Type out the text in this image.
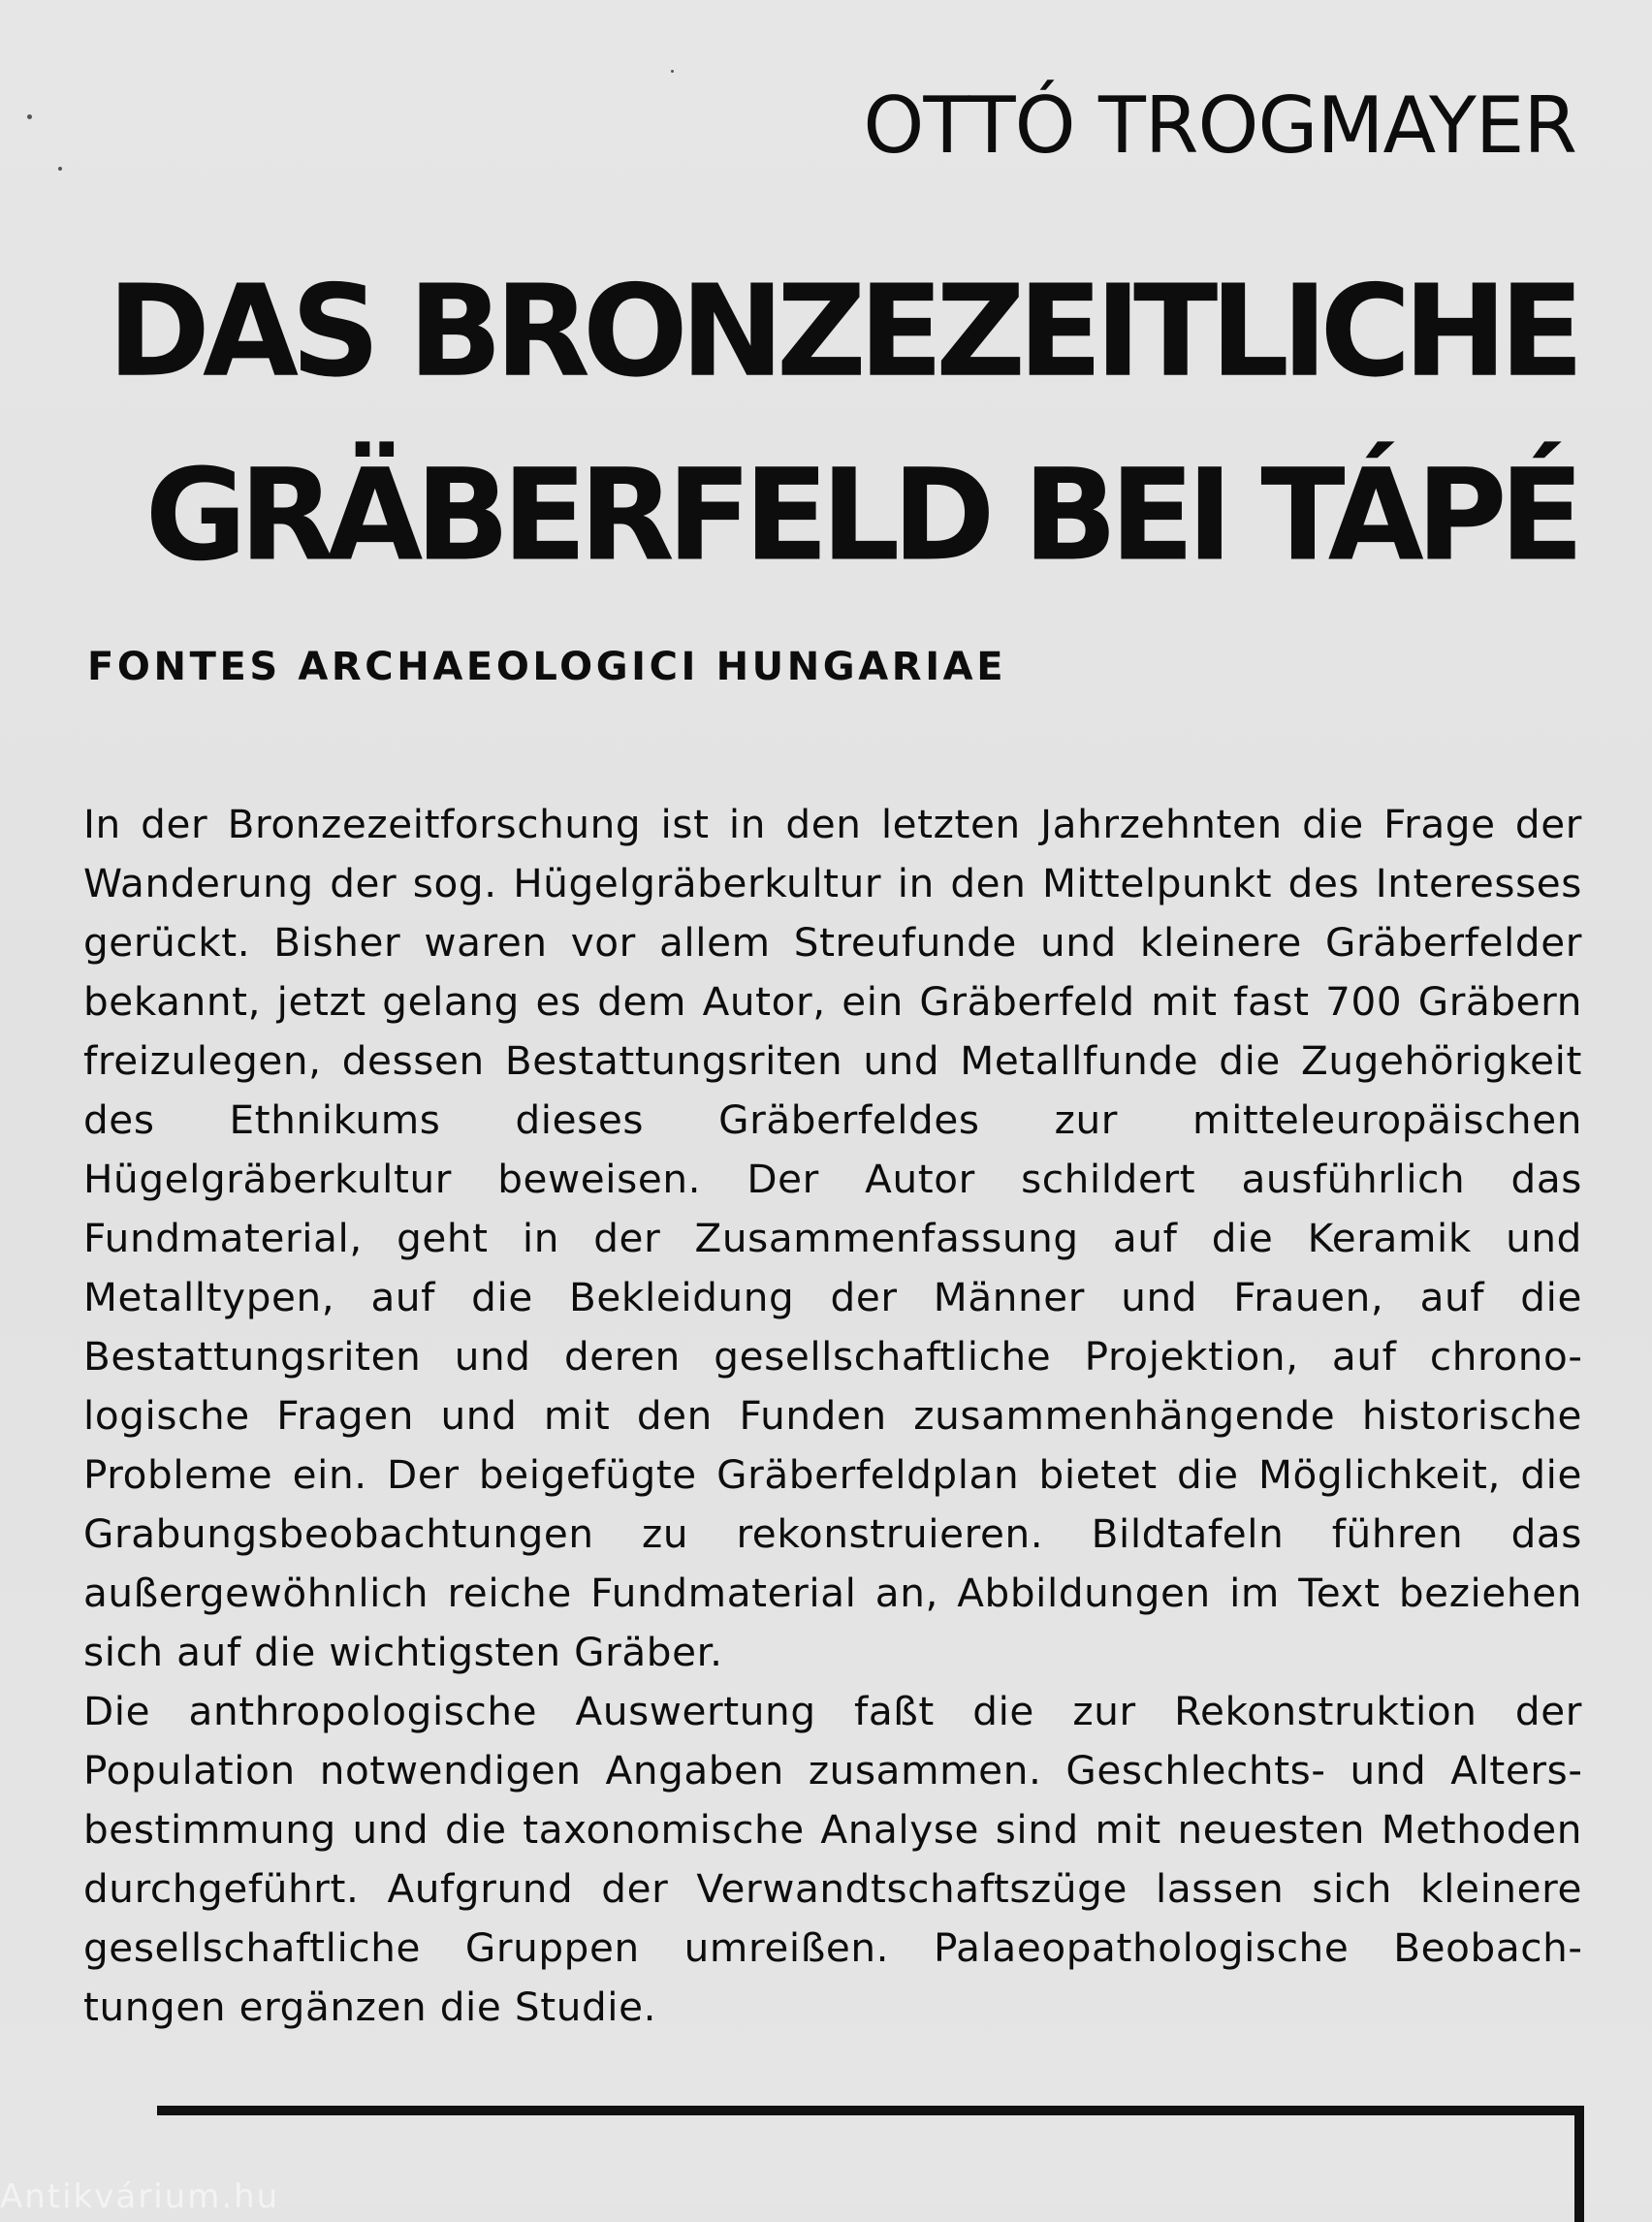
OTTÓ TROGMAYER
DAS BRONZEZEITLICHE
GRÄBERFELD BEI TÁPÉ
FONTES ARCHAEOLOGICI HUNGARIAE

In der Bronzezeitforschung ist in den letzten Jahrzehnten die Frage der Wanderung der sog. Hügelgräberkultur in den Mittelpunkt des Interesses gerückt. Bisher waren vor allem Streufunde und kleinere Gräberfelder bekannt, jetzt gelang es dem Autor, ein Gräberfeld mit fast 700 Gräbern freizulegen, dessen Bestattungsriten und Metallfunde die Zugehörigkeit des Ethnikums dieses Gräberfeldes zur mitteleuropäischen Hügelgräberkultur beweisen. Der Autor schildert ausführlich das Fundmaterial, geht in der Zusammenfassung auf die Keramik und Metalltypen, auf die Bekleidung der Männer und Frauen, auf die Bestattungsriten und deren gesellschaftliche Projektion, auf chronologische Fragen und mit den Funden zusammenhängende historische Probleme ein. Der beigefügte Gräberfeldplan bietet die Möglichkeit, die Grabungsbeobachtungen zu rekonstruieren. Bildtafeln führen das außergewöhnlich reiche Fundmaterial an, Abbildungen im Text beziehen sich auf die wichtigsten Gräber.

Die anthropologische Auswertung faßt die zur Rekonstruktion der Population notwendigen Angaben zusammen. Geschlechts- und Altersbestimmung und die taxonomische Analyse sind mit neuesten Methoden durchgeführt. Aufgrund der Verwandtschaftszüge lassen sich kleinere gesellschaftliche Gruppen umreißen. Palaeopathologische Beobachtungen ergänzen die Studie.

Antikvárium.hu
